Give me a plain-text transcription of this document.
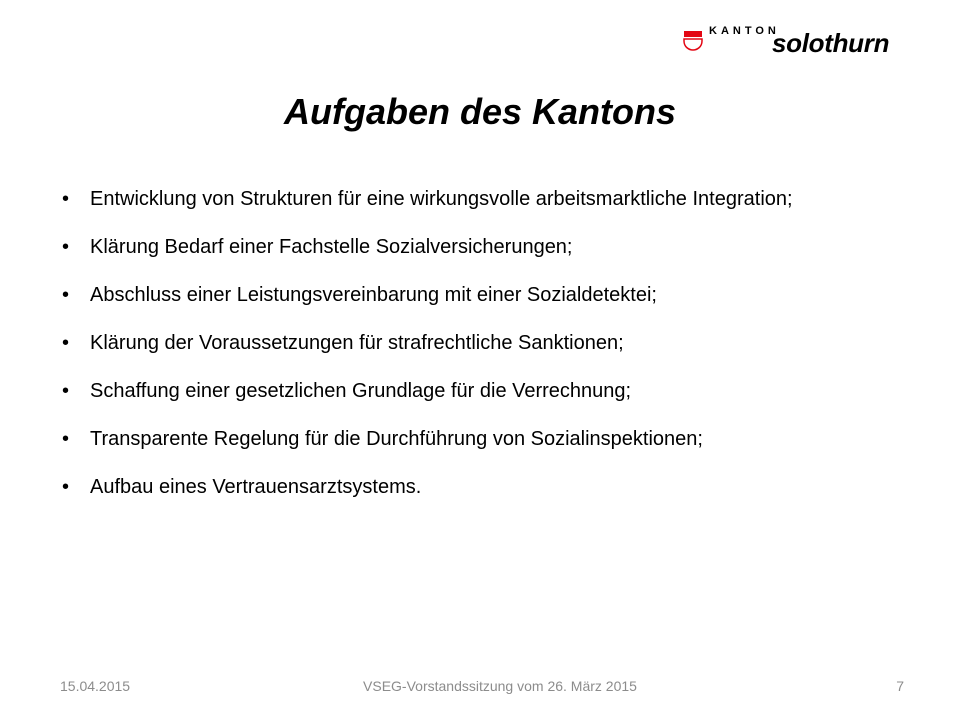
KANTON
solothurn
Aufgaben des Kantons
• Entwicklung von Strukturen für eine wirkungsvolle arbeitsmarktliche Integration;
• Klärung Bedarf einer Fachstelle Sozialversicherungen;
• Abschluss einer Leistungsvereinbarung mit einer Sozialdetektei;
• Klärung der Voraussetzungen für strafrechtliche Sanktionen;
• Schaffung einer gesetzlichen Grundlage für die Verrechnung;
• Transparente Regelung für die Durchführung von Sozialinspektionen;
• Aufbau eines Vertrauensarztsystems.
15.04.2015	VSEG-Vorstandssitzung vom 26. März 2015	7
